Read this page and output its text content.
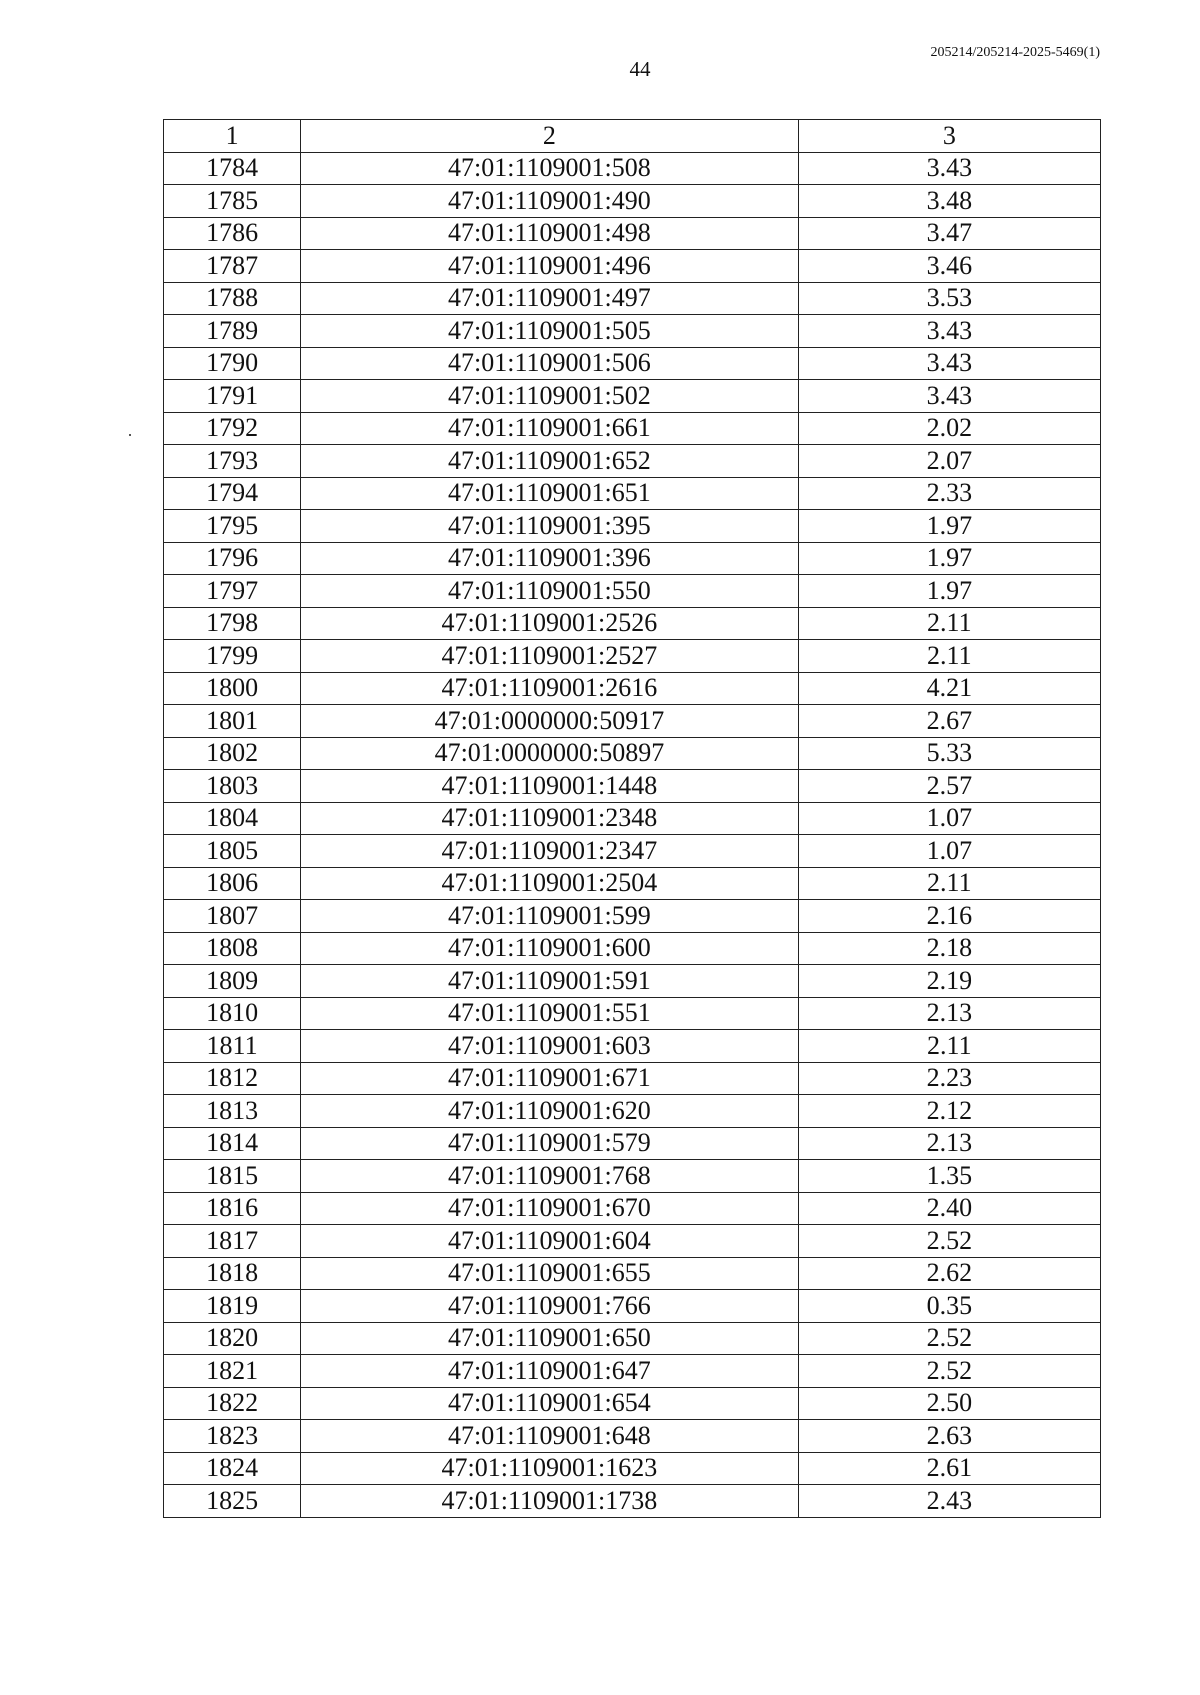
44
205214/205214-2025-5469(1)
1	2	3
1784	47:01:1109001:508	3.43
1785	47:01:1109001:490	3.48
1786	47:01:1109001:498	3.47
1787	47:01:1109001:496	3.46
1788	47:01:1109001:497	3.53
1789	47:01:1109001:505	3.43
1790	47:01:1109001:506	3.43
1791	47:01:1109001:502	3.43
1792	47:01:1109001:661	2.02
1793	47:01:1109001:652	2.07
1794	47:01:1109001:651	2.33
1795	47:01:1109001:395	1.97
1796	47:01:1109001:396	1.97
1797	47:01:1109001:550	1.97
1798	47:01:1109001:2526	2.11
1799	47:01:1109001:2527	2.11
1800	47:01:1109001:2616	4.21
1801	47:01:0000000:50917	2.67
1802	47:01:0000000:50897	5.33
1803	47:01:1109001:1448	2.57
1804	47:01:1109001:2348	1.07
1805	47:01:1109001:2347	1.07
1806	47:01:1109001:2504	2.11
1807	47:01:1109001:599	2.16
1808	47:01:1109001:600	2.18
1809	47:01:1109001:591	2.19
1810	47:01:1109001:551	2.13
1811	47:01:1109001:603	2.11
1812	47:01:1109001:671	2.23
1813	47:01:1109001:620	2.12
1814	47:01:1109001:579	2.13
1815	47:01:1109001:768	1.35
1816	47:01:1109001:670	2.40
1817	47:01:1109001:604	2.52
1818	47:01:1109001:655	2.62
1819	47:01:1109001:766	0.35
1820	47:01:1109001:650	2.52
1821	47:01:1109001:647	2.52
1822	47:01:1109001:654	2.50
1823	47:01:1109001:648	2.63
1824	47:01:1109001:1623	2.61
1825	47:01:1109001:1738	2.43
